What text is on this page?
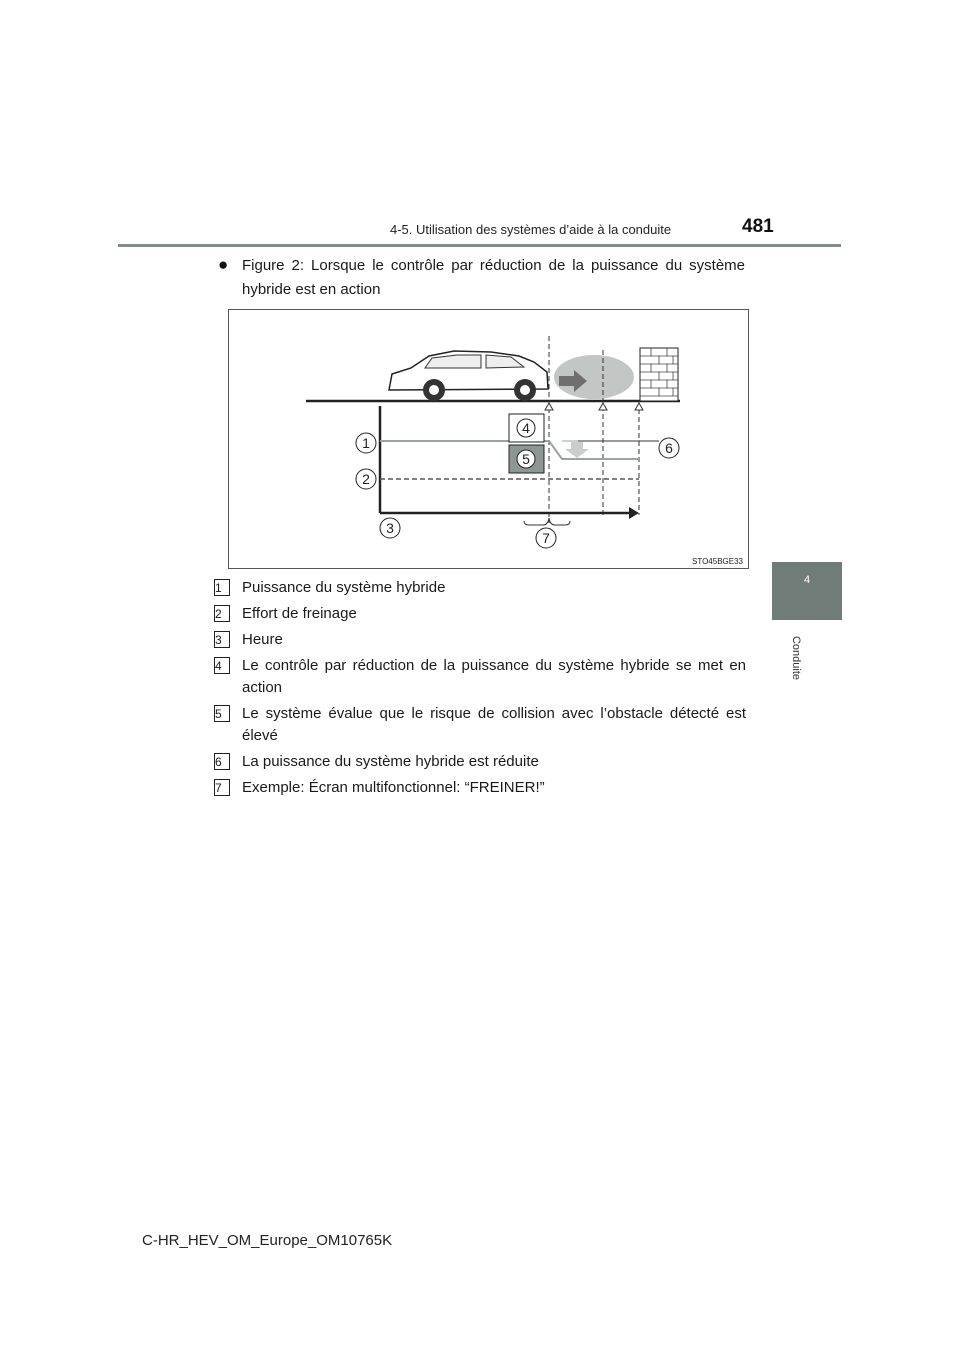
4-5. Utilisation des systèmes d’aide à la conduite	481
4
Conduite
● Figure 2: Lorsque le contrôle par réduction de la puissance du système hybride est en action
1
2
3
4
5
6
7
STO45BGE33
1	Puissance du système hybride
2	Effort de freinage
3	Heure
4	Le contrôle par réduction de la puissance du système hybride se met en action
5	Le système évalue que le risque de collision avec l’obstacle détecté est élevé
6	La puissance du système hybride est réduite
7	Exemple: Écran multifonctionnel: “FREINER!”
C-HR_HEV_OM_Europe_OM10765K
